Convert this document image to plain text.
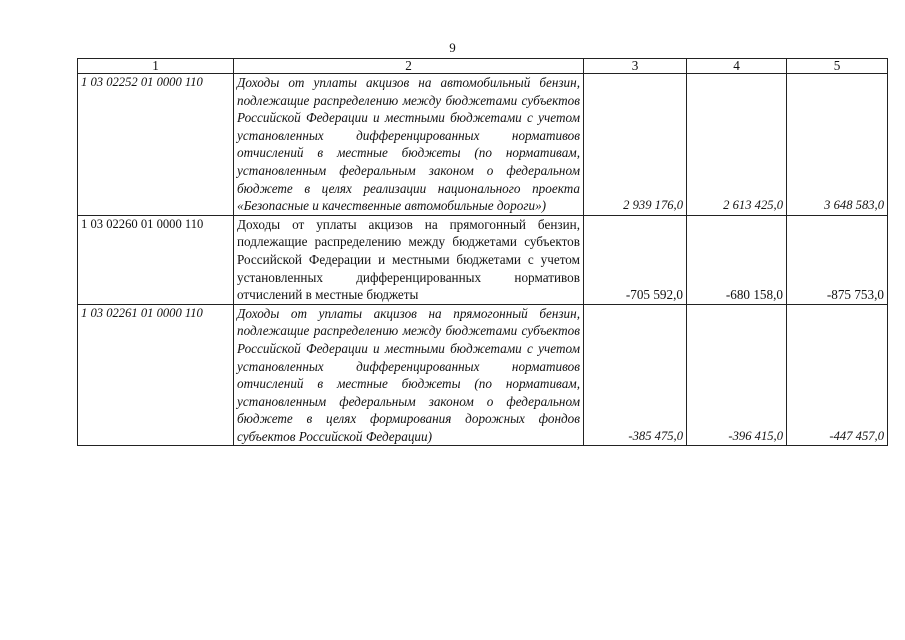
9
1	2	3	4	5
1 03 02252 01 0000 110	Доходы от уплаты акцизов на автомобильный бензин, подлежащие распределению между бюджетами субъектов Российской Федерации и местными бюджетами с учетом установленных дифференцированных нормативов отчислений в местные бюджеты (по нормативам, установленным федеральным законом о федеральном бюджете в целях реализации национального проекта «Безопасные и качественные автомобильные дороги»)	2 939 176,0	2 613 425,0	3 648 583,0
1 03 02260 01 0000 110	Доходы от уплаты акцизов на прямогонный бензин, подлежащие распределению между бюджетами субъектов Российской Федерации и местными бюджетами с учетом установленных дифференцированных нормативов отчислений в местные бюджеты	-705 592,0	-680 158,0	-875 753,0
1 03 02261 01 0000 110	Доходы от уплаты акцизов на прямогонный бензин, подлежащие распределению между бюджетами субъектов Российской Федерации и местными бюджетами с учетом установленных дифференцированных нормативов отчислений в местные бюджеты (по нормативам, установленным федеральным законом о федеральном бюджете в целях формирования дорожных фондов субъектов Российской Федерации)	-385 475,0	-396 415,0	-447 457,0
